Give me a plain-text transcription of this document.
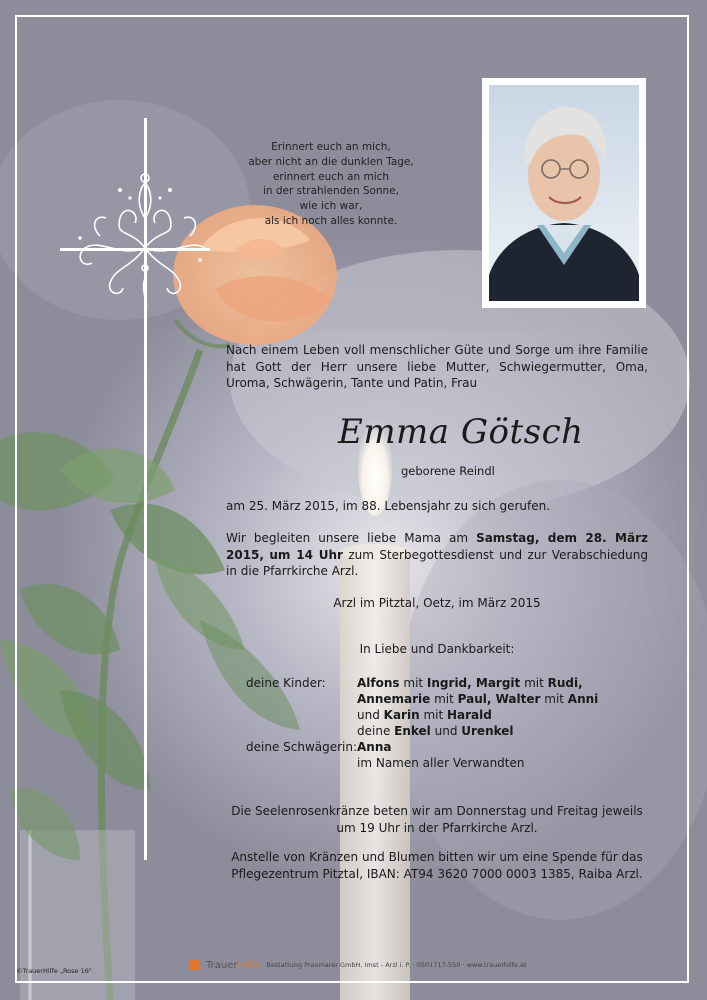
Erinnert euch an mich,
aber nicht an die dunklen Tage,
erinnert euch an mich
in der strahlenden Sonne,
wie ich war,
als ich noch alles konnte.
Nach einem Leben voll menschlicher Güte und Sorge um ihre Familie hat Gott der Herr unsere liebe Mutter, Schwiegermutter, Oma, Uroma, Schwägerin, Tante und Patin, Frau
Emma Götsch
geborene Reindl
am 25. März 2015, im 88. Lebensjahr zu sich gerufen.
Wir begleiten unsere liebe Mama am Samstag, dem 28. März 2015, um 14 Uhr zum Sterbegottesdienst und zur Verabschiedung in die Pfarrkirche Arzl.
Arzl im Pitztal, Oetz, im März 2015
In Liebe und Dankbarkeit:
deine Kinder:	Alfons mit Ingrid, Margit mit Rudi,
Annemarie mit Paul, Walter mit Anni
und Karin mit Harald
deine Enkel und Urenkel
deine Schwägerin: Anna
im Namen aller Verwandten
Die Seelenrosenkränze beten wir am Donnerstag und Freitag jeweils um 19 Uhr in der Pfarrkirche Arzl.
Anstelle von Kränzen und Blumen bitten wir um eine Spende für das Pflegezentrum Pitztal, IBAN: AT94 3620 7000 0003 1385, Raiba Arzl.
©TrauerHilfe „Rose 16"
TrauerHilfe Bestattung Praxmarer GmbH, Imst - Arzl i. P. · 0501717-550 · www.trauerhilfe.at
